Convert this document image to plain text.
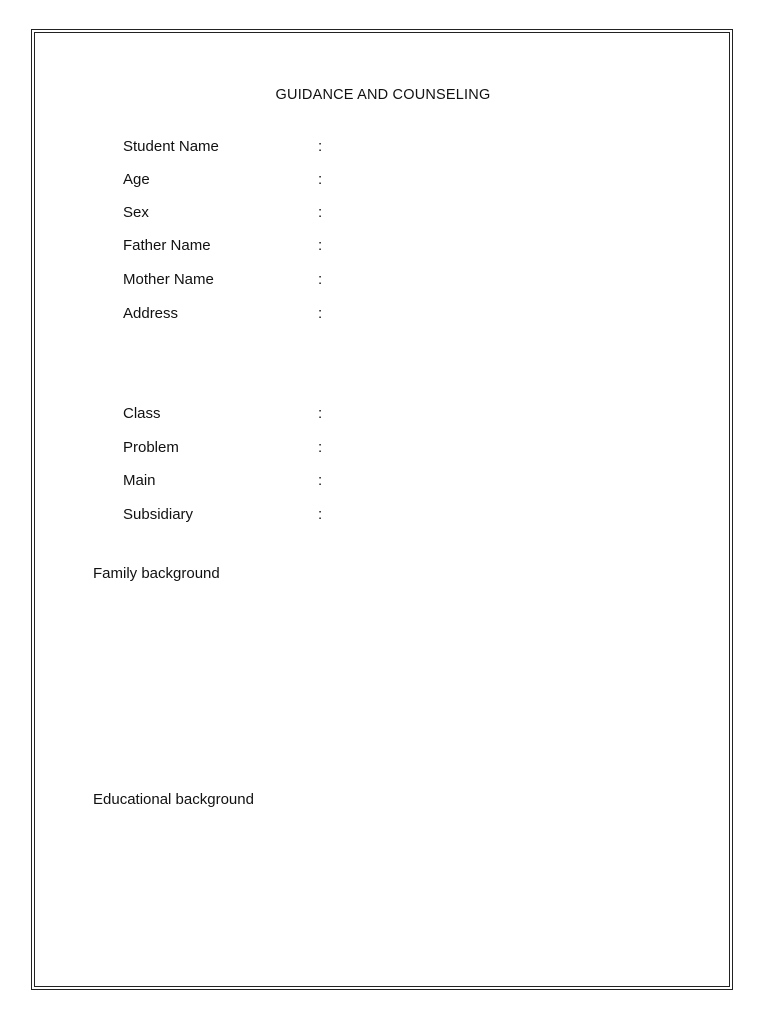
GUIDANCE AND COUNSELING
Student Name	:
Age	:
Sex	:
Father Name	:
Mother Name	:
Address	:
Class	:
Problem	:
Main	:
Subsidiary	:
Family background
Educational background
